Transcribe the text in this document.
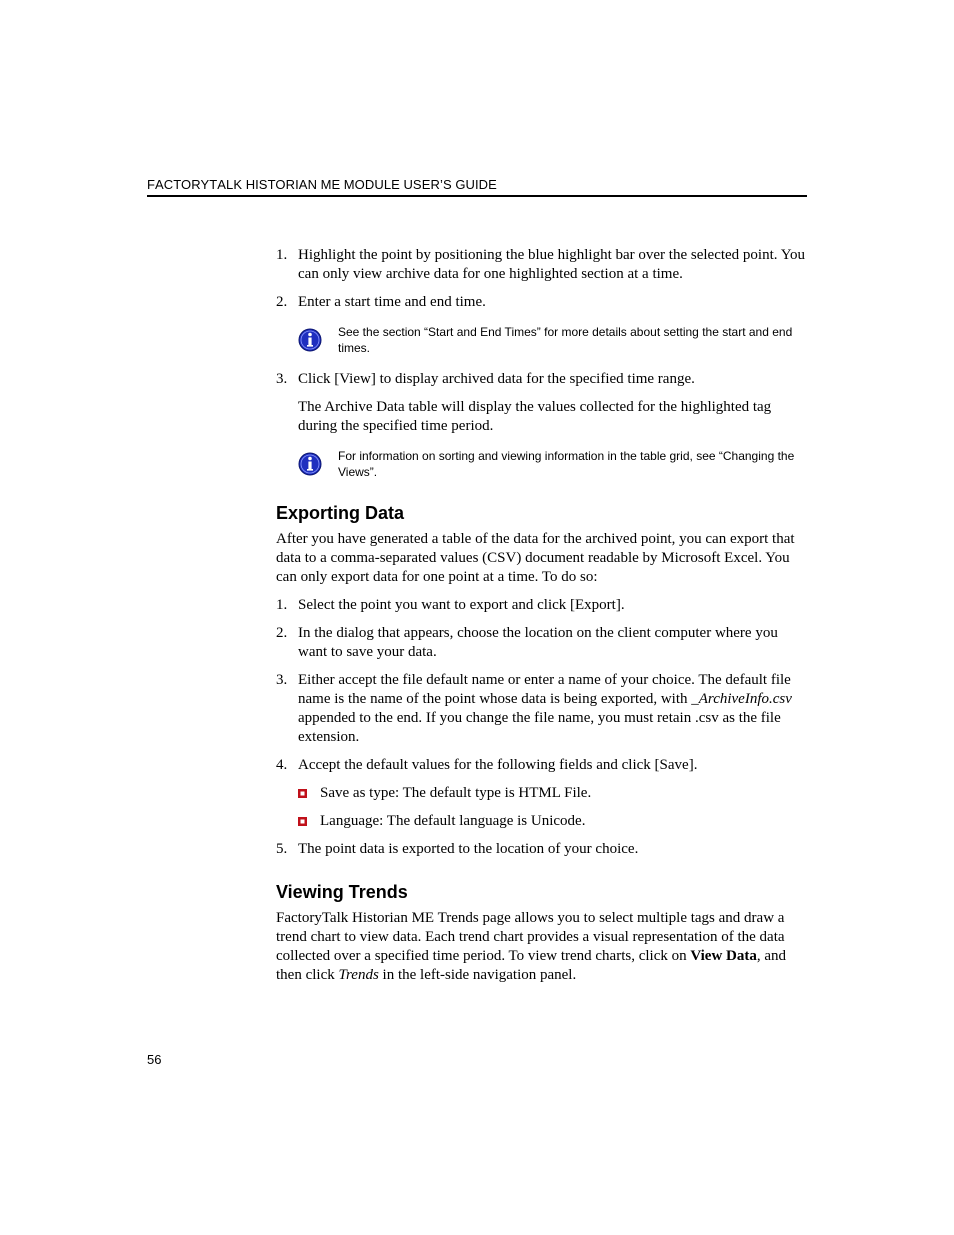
FACTORYTALK HISTORIAN ME MODULE USER’S GUIDE
1. Highlight the point by positioning the blue highlight bar over the selected point. You can only view archive data for one highlighted section at a time.
2. Enter a start time and end time.
See the section “Start and End Times” for more details about setting the start and end times.
3. Click [View] to display archived data for the specified time range.
The Archive Data table will display the values collected for the highlighted tag during the specified time period.
For information on sorting and viewing information in the table grid, see “Changing the Views”.
Exporting Data

After you have generated a table of the data for the archived point, you can export that data to a comma-separated values (CSV) document readable by Microsoft Excel. You can only export data for one point at a time. To do so:

1. Select the point you want to export and click [Export].
2. In the dialog that appears, choose the location on the client computer where you want to save your data.
3. Either accept the file default name or enter a name of your choice. The default file name is the name of the point whose data is being exported, with _ArchiveInfo.csv appended to the end. If you change the file name, you must retain .csv as the file extension.
4. Accept the default values for the following fields and click [Save].
Save as type: The default type is HTML File.
Language: The default language is Unicode.
5. The point data is exported to the location of your choice.
Viewing Trends

FactoryTalk Historian ME Trends page allows you to select multiple tags and draw a trend chart to view data. Each trend chart provides a visual representation of the data collected over a specified time period. To view trend charts, click on View Data, and then click Trends in the left-side navigation panel.

56
